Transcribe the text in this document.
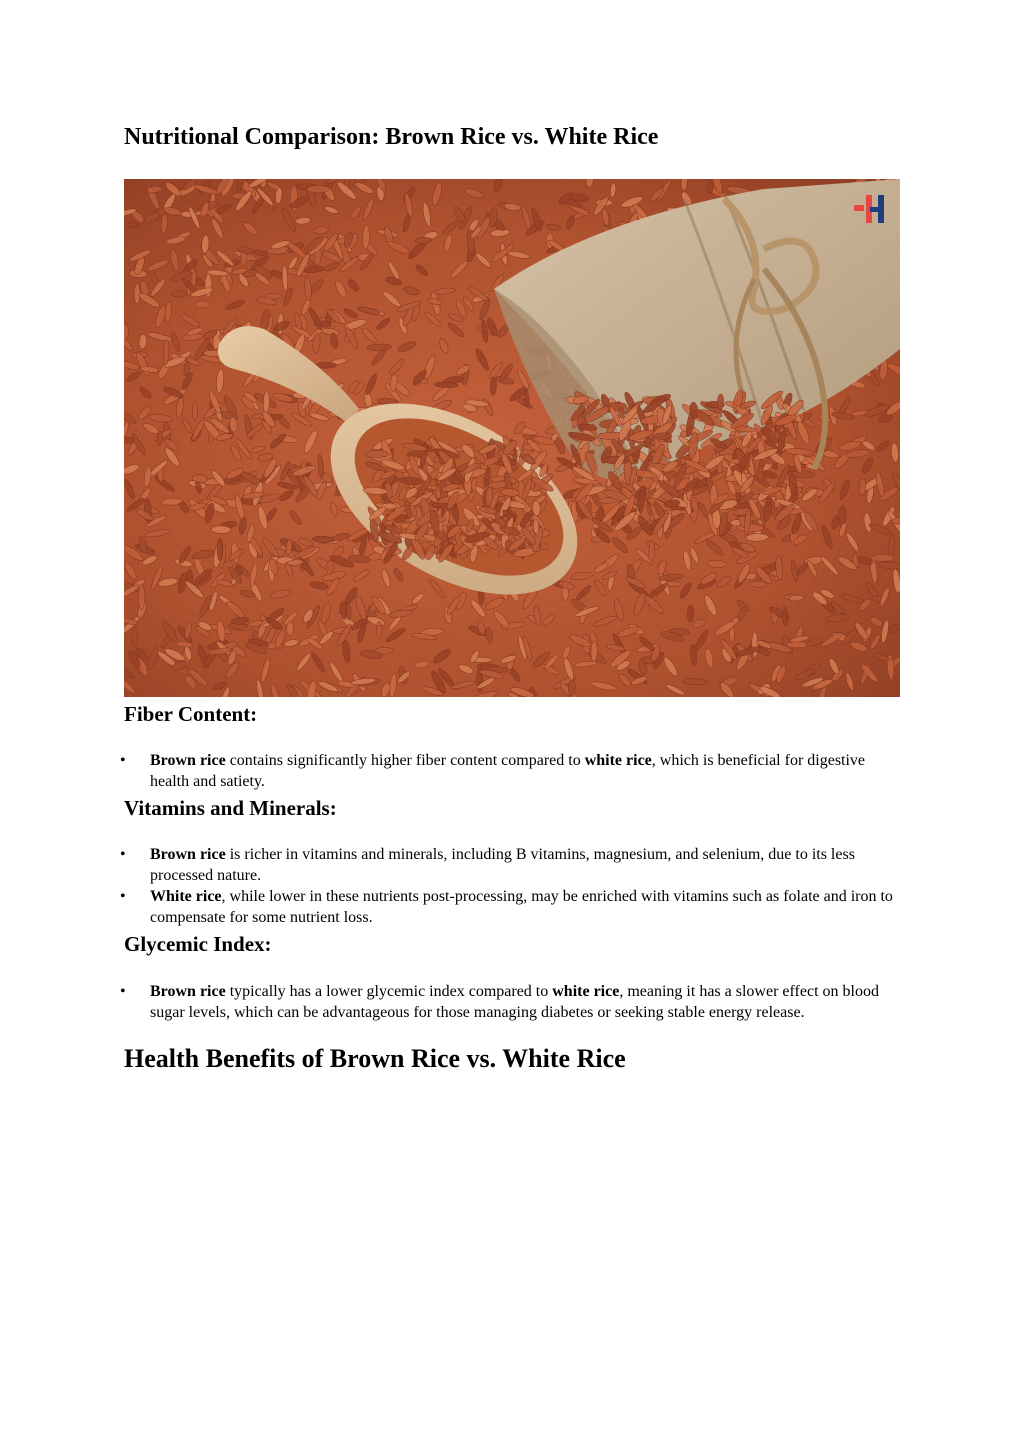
Nutritional Comparison: Brown Rice vs. White Rice
Fiber Content:
• Brown rice contains significantly higher fiber content compared to white rice, which is beneficial for digestive health and satiety.
Vitamins and Minerals:
• Brown rice is richer in vitamins and minerals, including B vitamins, magnesium, and selenium, due to its less processed nature.
• White rice, while lower in these nutrients post-processing, may be enriched with vitamins such as folate and iron to compensate for some nutrient loss.
Glycemic Index:
• Brown rice typically has a lower glycemic index compared to white rice, meaning it has a slower effect on blood sugar levels, which can be advantageous for those managing diabetes or seeking stable energy release.
Health Benefits of Brown Rice vs. White Rice
